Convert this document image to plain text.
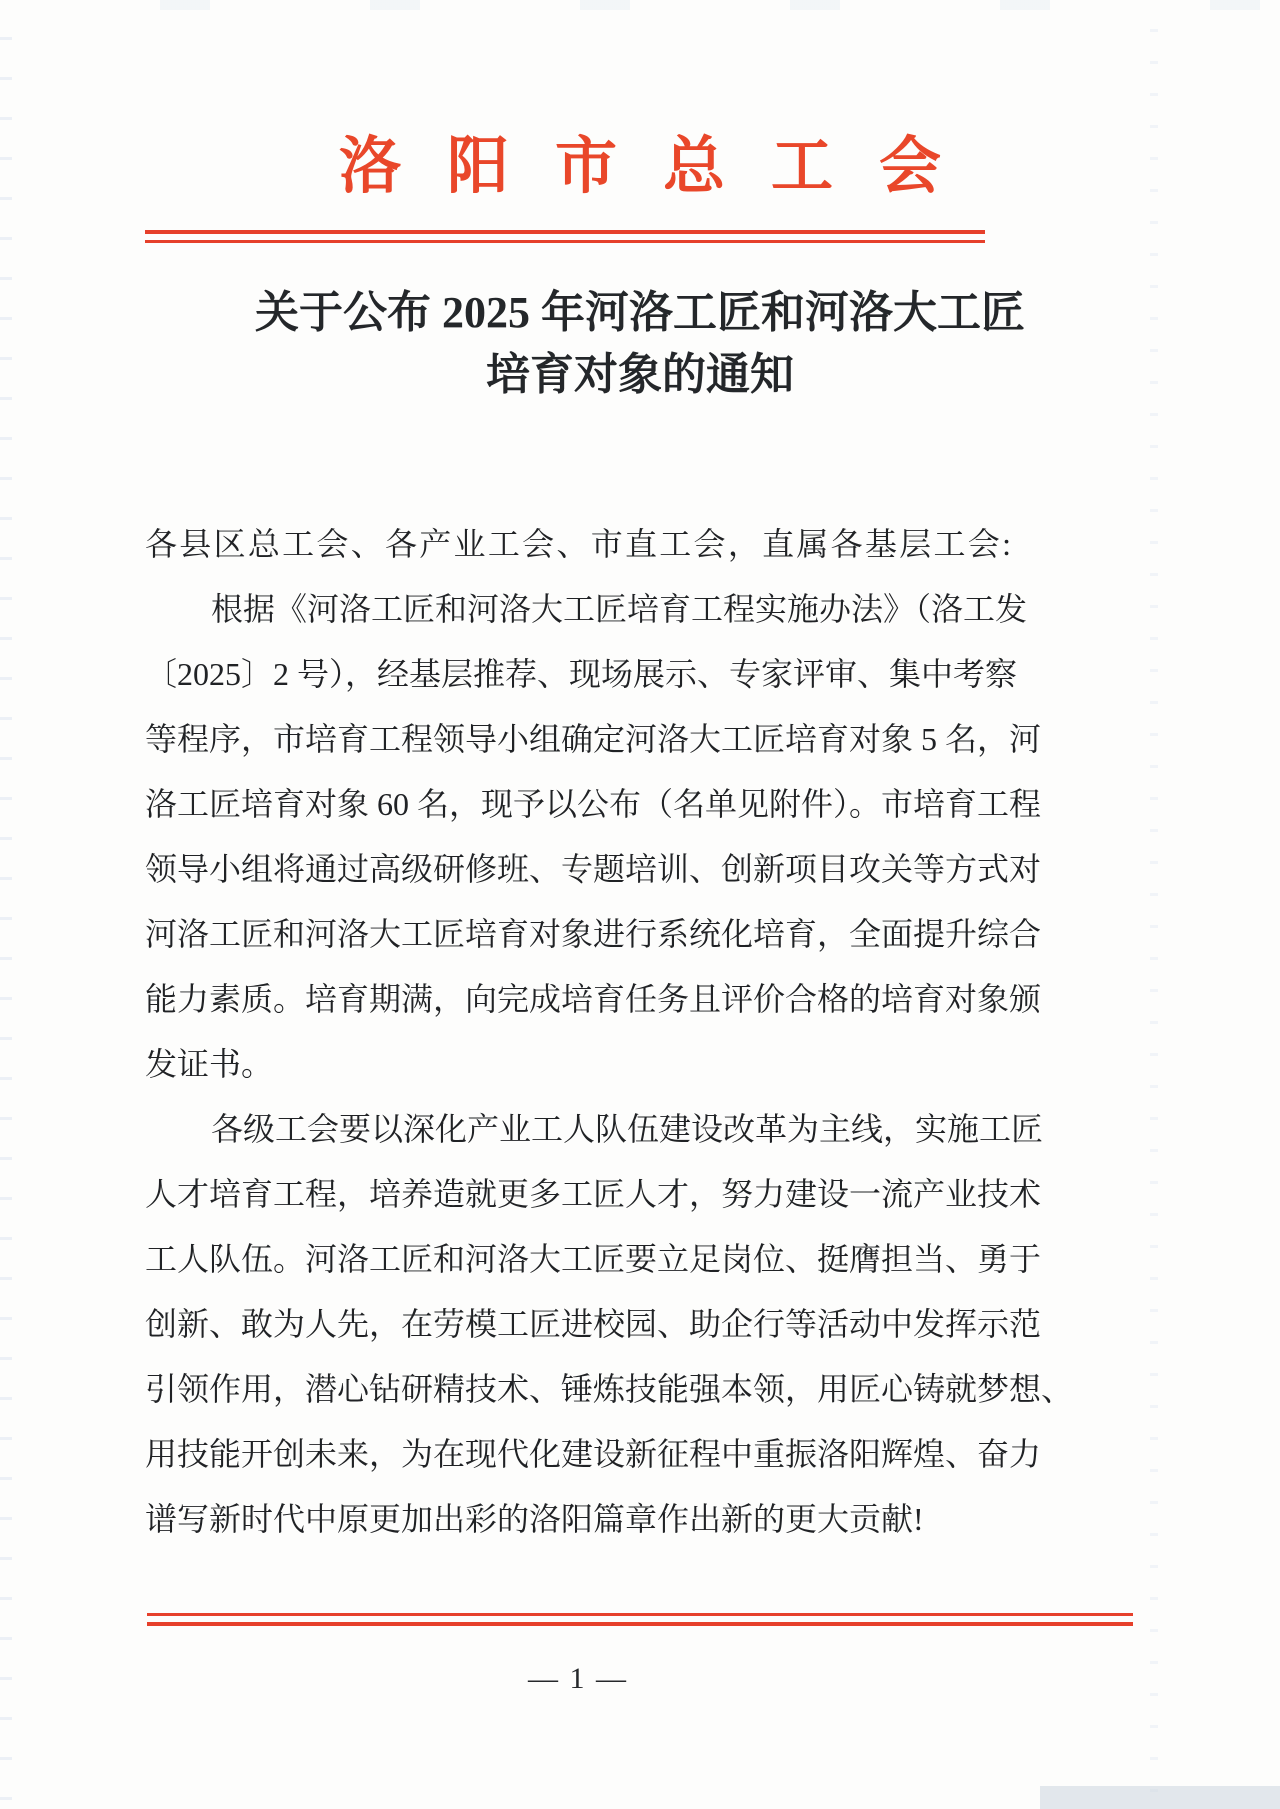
洛阳市总工会
关于公布 2025 年河洛工匠和河洛大工匠
培育对象的通知
各县区总工会、各产业工会、市直工会，直属各基层工会:
根据《河洛工匠和河洛大工匠培育工程实施办法》（洛工发
〔2025〕2 号），经基层推荐、现场展示、专家评审、集中考察
等程序，市培育工程领导小组确定河洛大工匠培育对象 5 名，河
洛工匠培育对象 60 名，现予以公布（名单见附件）。市培育工程
领导小组将通过高级研修班、专题培训、创新项目攻关等方式对
河洛工匠和河洛大工匠培育对象进行系统化培育，全面提升综合
能力素质。培育期满，向完成培育任务且评价合格的培育对象颁
发证书。
各级工会要以深化产业工人队伍建设改革为主线，实施工匠
人才培育工程，培养造就更多工匠人才，努力建设一流产业技术
工人队伍。河洛工匠和河洛大工匠要立足岗位、挺膺担当、勇于
创新、敢为人先，在劳模工匠进校园、助企行等活动中发挥示范
引领作用，潜心钻研精技术、锤炼技能强本领，用匠心铸就梦想、
用技能开创未来，为在现代化建设新征程中重振洛阳辉煌、奋力
谱写新时代中原更加出彩的洛阳篇章作出新的更大贡献!
— 1 —
